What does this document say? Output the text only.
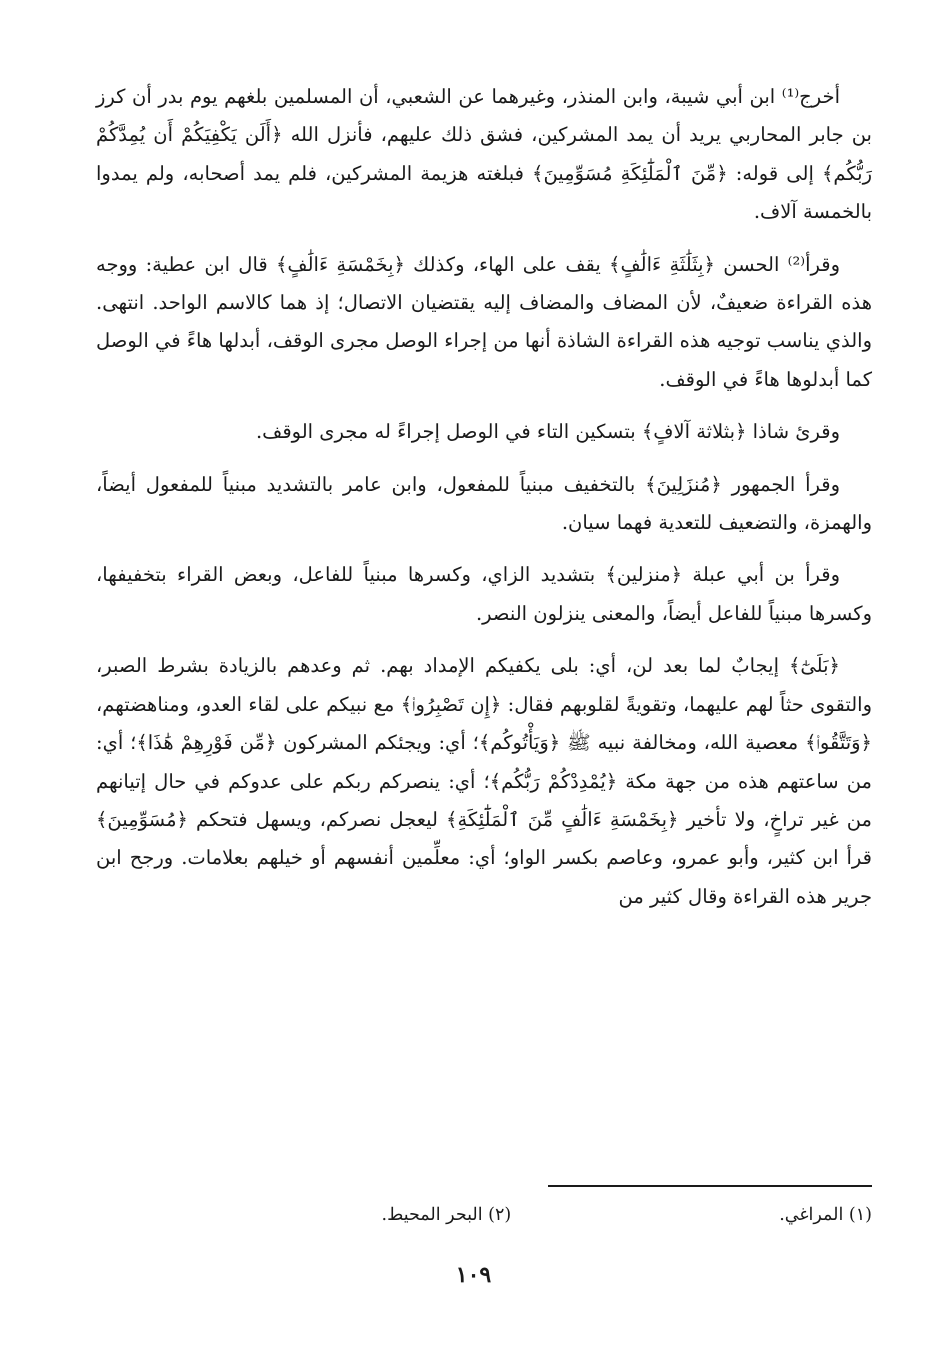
أخرج⁽¹⁾ ابن أبي شيبة، وابن المنذر، وغيرهما عن الشعبي، أن المسلمين بلغهم يوم بدر أن كرز بن جابر المحاربي يريد أن يمد المشركين، فشق ذلك عليهم، فأنزل الله ﴿أَلَن يَكْفِيَكُمْ أَن يُمِدَّكُمْ رَبُّكُم﴾ إلى قوله: ﴿مِّنَ ٱلْمَلَٰٓئِكَةِ مُسَوِّمِينَ﴾ فبلغته هزيمة المشركين، فلم يمد أصحابه، ولم يمدوا بالخمسة آلاف.

وقرأ⁽²⁾ الحسن ﴿بِثَلَٰثَةِ ءَالَٰفٍ﴾ يقف على الهاء، وكذلك ﴿بِخَمْسَةِ ءَالَٰفٍ﴾ قال ابن عطية: ووجه هذه القراءة ضعيفٌ، لأن المضاف والمضاف إليه يقتضيان الاتصال؛ إذ هما كالاسم الواحد. انتهى. والذي يناسب توجيه هذه القراءة الشاذة أنها من إجراء الوصل مجرى الوقف، أبدلها هاءً في الوصل كما أبدلوها هاءً في الوقف.

وقرئ شاذا ﴿بثلاثة آلافٍ﴾ بتسكين التاء في الوصل إجراءً له مجرى الوقف.

وقرأ الجمهور ﴿مُنزَلِينَ﴾ بالتخفيف مبنياً للمفعول، وابن عامر بالتشديد مبنياً للمفعول أيضاً، والهمزة، والتضعيف للتعدية فهما سيان.

وقرأ بن أبي عبلة ﴿منزلين﴾ بتشديد الزاي، وكسرها مبنياً للفاعل، وبعض القراء بتخفيفها، وكسرها مبنياً للفاعل أيضاً، والمعنى ينزلون النصر.

﴿بَلَىٰٓ﴾ إيجابٌ لما بعد لن، أي: بلى يكفيكم الإمداد بهم. ثم وعدهم بالزيادة بشرط الصبر، والتقوى حثاً لهم عليهما، وتقويةً لقلوبهم فقال: ﴿إِن تَصْبِرُوا۟﴾ مع نبيكم على لقاء العدو، ومناهضتهم، ﴿وَتَتَّقُوا۟﴾ معصية الله، ومخالفة نبيه ﷺ ﴿وَيَأْتُوكُم﴾؛ أي: ويجئكم المشركون ﴿مِّن فَوْرِهِمْ هَٰذَا﴾؛ أي: من ساعتهم هذه من جهة مكة ﴿يُمْدِدْكُمْ رَبُّكُم﴾؛ أي: ينصركم ربكم على عدوكم في حال إتيانهم من غير تراخٍ، ولا تأخير ﴿بِخَمْسَةِ ءَالَٰفٍ مِّنَ ٱلْمَلَٰٓئِكَةِ﴾ ليعجل نصركم، ويسهل فتحكم ﴿مُسَوِّمِينَ﴾ قرأ ابن كثير، وأبو عمرو، وعاصم بكسر الواو؛ أي: معلِّمين أنفسهم أو خيلهم بعلامات. ورجح ابن جرير هذه القراءة وقال كثير من

(١) المراغي.
(٢) البحر المحيط.
١٠٩
